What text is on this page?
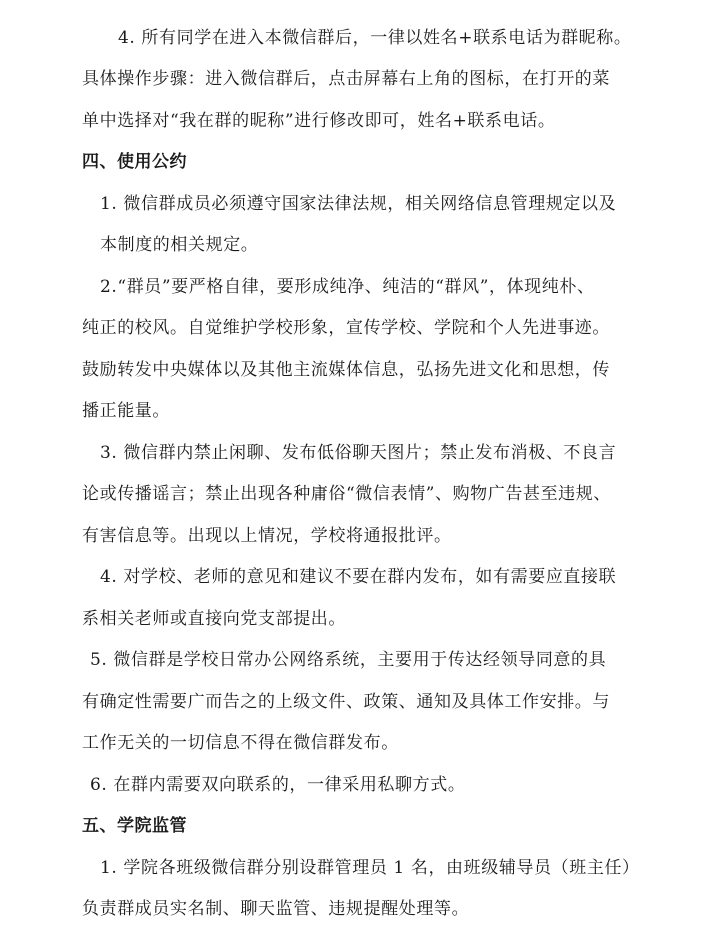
4. 所有同学在进入本微信群后，一律以姓名+联系电话为群昵称。
具体操作步骤：进入微信群后，点击屏幕右上角的图标，在打开的菜
单中选择对“我在群的昵称”进行修改即可，姓名+联系电话。
四、使用公约
1. 微信群成员必须遵守国家法律法规，相关网络信息管理规定以及
本制度的相关规定。
2.“群员”要严格自律，要形成纯净、纯洁的“群风”，体现纯朴、
纯正的校风。自觉维护学校形象，宣传学校、学院和个人先进事迹。
鼓励转发中央媒体以及其他主流媒体信息，弘扬先进文化和思想，传
播正能量。
3. 微信群内禁止闲聊、发布低俗聊天图片；禁止发布消极、不良言
论或传播谣言；禁止出现各种庸俗“微信表情”、购物广告甚至违规、
有害信息等。出现以上情况，学校将通报批评。
4. 对学校、老师的意见和建议不要在群内发布，如有需要应直接联
系相关老师或直接向党支部提出。
5. 微信群是学校日常办公网络系统，主要用于传达经领导同意的具
有确定性需要广而告之的上级文件、政策、通知及具体工作安排。与
工作无关的一切信息不得在微信群发布。
6. 在群内需要双向联系的，一律采用私聊方式。
五、学院监管
1. 学院各班级微信群分别设群管理员 1 名，由班级辅导员（班主任）
负责群成员实名制、聊天监管、违规提醒处理等。
